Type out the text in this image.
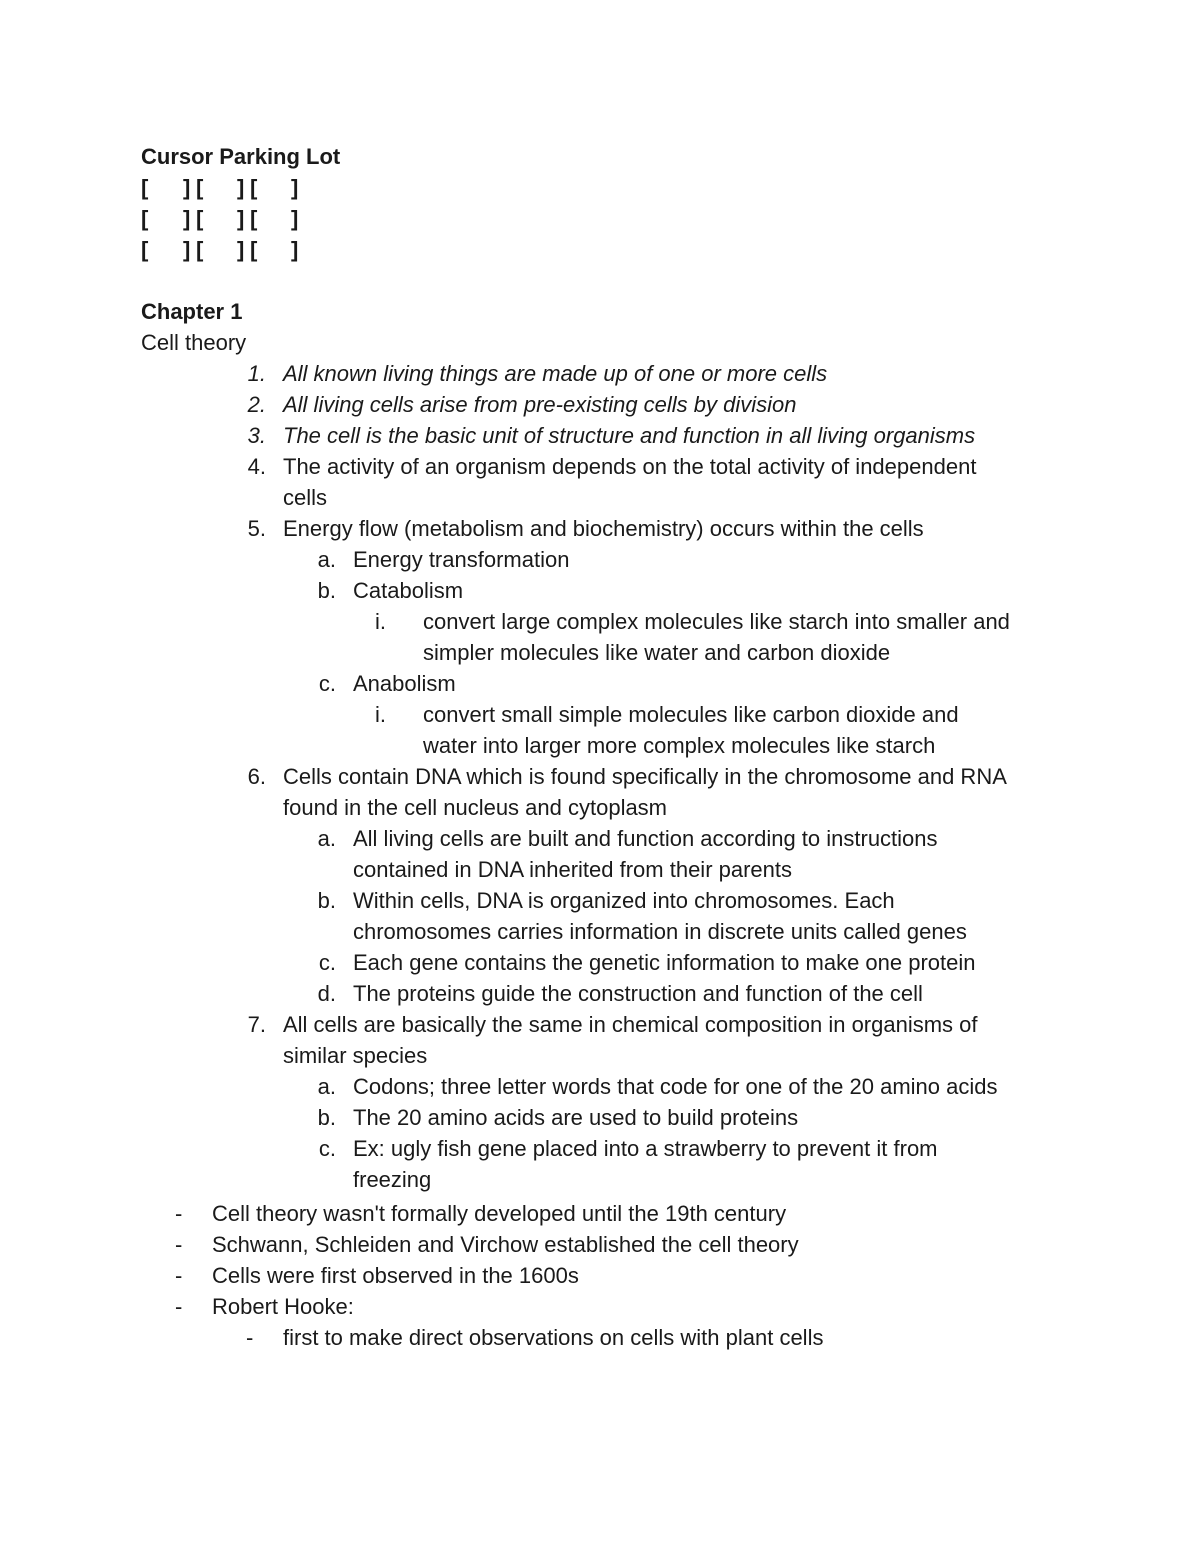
Cursor Parking Lot
[ ] [ ] [ ]
[ ] [ ] [ ]
[ ] [ ] [ ]
Chapter 1
Cell theory
1. All known living things are made up of one or more cells
2. All living cells arise from pre-existing cells by division
3. The cell is the basic unit of structure and function in all living organisms
4. The activity of an organism depends on the total activity of independent
cells
5. Energy flow (metabolism and biochemistry) occurs within the cells
a. Energy transformation
b. Catabolism
i. convert large complex molecules like starch into smaller and
simpler molecules like water and carbon dioxide
c. Anabolism
i. convert small simple molecules like carbon dioxide and
water into larger more complex molecules like starch
6. Cells contain DNA which is found specifically in the chromosome and RNA
found in the cell nucleus and cytoplasm
a. All living cells are built and function according to instructions
contained in DNA inherited from their parents
b. Within cells, DNA is organized into chromosomes. Each
chromosomes carries information in discrete units called genes
c. Each gene contains the genetic information to make one protein
d. The proteins guide the construction and function of the cell
7. All cells are basically the same in chemical composition in organisms of
similar species
a. Codons; three letter words that code for one of the 20 amino acids
b. The 20 amino acids are used to build proteins
c. Ex: ugly fish gene placed into a strawberry to prevent it from
freezing
- Cell theory wasn't formally developed until the 19th century
- Schwann, Schleiden and Virchow established the cell theory
- Cells were first observed in the 1600s
- Robert Hooke:
- first to make direct observations on cells with plant cells
